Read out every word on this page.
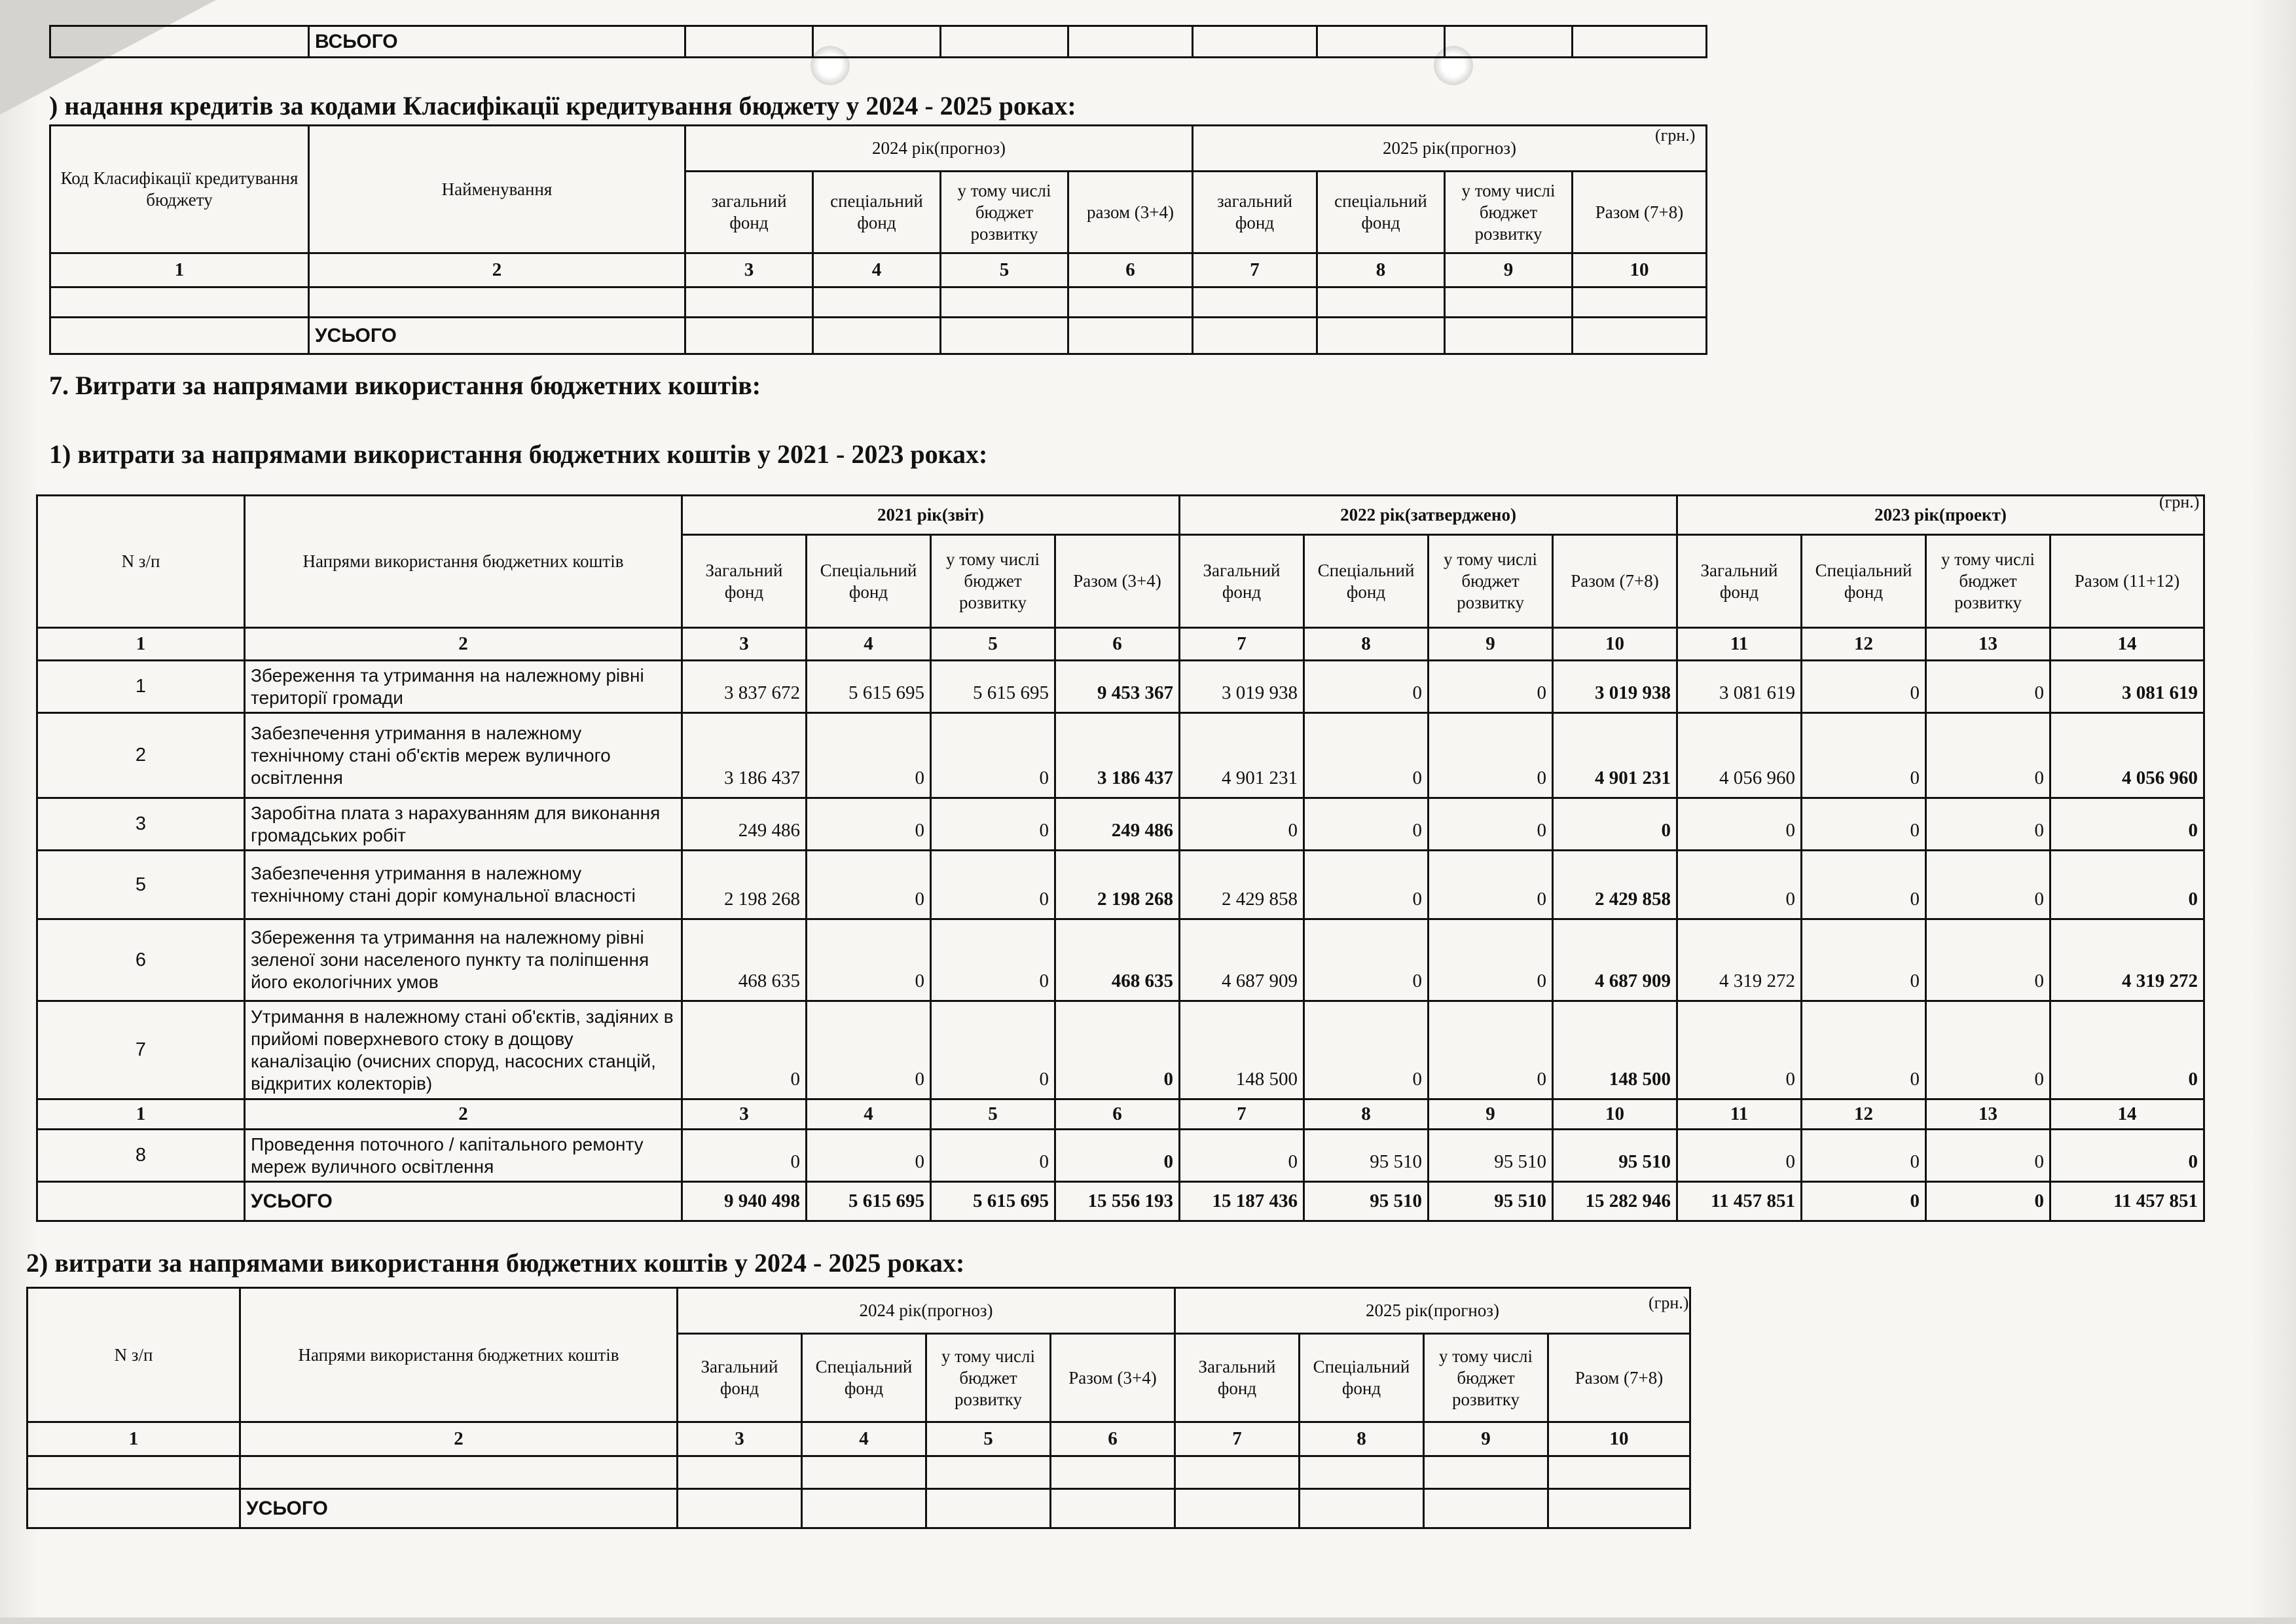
	ВСЬОГО								
) надання кредитів за кодами Класифікації кредитування бюджету у 2024 - 2025 роках:
(грн.)
Код Класифікації кредитування бюджету	Найменування	2024 рік(прогноз)				2025 рік(прогноз)			
		загальний фонд	спеціальний фонд	у тому числі бюджет розвитку	разом (3+4)	загальний фонд	спеціальний фонд	у тому числі бюджет розвитку	Разом (7+8)
1	2	3	4	5	6	7	8	9	10

	УСЬОГО								
7. Витрати за напрямами використання бюджетних коштів:
1) витрати за напрямами використання бюджетних коштів у 2021 - 2023 роках:
(грн.)
N з/п	Напрями використання бюджетних коштів	2021 рік(звіт)				2022 рік(затверджено)				2023 рік(проект)			
		Загальний фонд	Спеціальний фонд	у тому числі бюджет розвитку	Разом (3+4)	Загальний фонд	Спеціальний фонд	у тому числі бюджет розвитку	Разом (7+8)	Загальний фонд	Спеціальний фонд	у тому числі бюджет розвитку	Разом (11+12)
1	2	3	4	5	6	7	8	9	10	11	12	13	14
1	Збереження та утримання на належному рівні території громади	3 837 672	5 615 695	5 615 695	9 453 367	3 019 938	0	0	3 019 938	3 081 619	0	0	3 081 619
2	Забезпечення утримання в належному технічному стані об'єктів мереж вуличного освітлення	3 186 437	0	0	3 186 437	4 901 231	0	0	4 901 231	4 056 960	0	0	4 056 960
3	Заробітна плата з нарахуванням для виконання громадських робіт	249 486	0	0	249 486	0	0	0	0	0	0	0	0
5	Забезпечення утримання в належному технічному стані доріг комунальної власності	2 198 268	0	0	2 198 268	2 429 858	0	0	2 429 858	0	0	0	0
6	Збереження та утримання на належному рівні зеленої зони населеного пункту та поліпшення його екологічних умов	468 635	0	0	468 635	4 687 909	0	0	4 687 909	4 319 272	0	0	4 319 272
7	Утримання в належному стані об'єктів, задіяних в прийомі поверхневого стоку в дощову каналізацію (очисних споруд, насосних станцій, відкритих колекторів)	0	0	0	0	148 500	0	0	148 500	0	0	0	0
1	2	3	4	5	6	7	8	9	10	11	12	13	14
8	Проведення поточного / капітального ремонту мереж вуличного освітлення	0	0	0	0	0	95 510	95 510	95 510	0	0	0	0
	УСЬОГО	9 940 498	5 615 695	5 615 695	15 556 193	15 187 436	95 510	95 510	15 282 946	11 457 851	0	0	11 457 851
2) витрати за напрямами використання бюджетних коштів у 2024 - 2025 роках:
(грн.)
N з/п	Напрями використання бюджетних коштів	2024 рік(прогноз)				2025 рік(прогноз)			
		Загальний фонд	Спеціальний фонд	у тому числі бюджет розвитку	Разом (3+4)	Загальний фонд	Спеціальний фонд	у тому числі бюджет розвитку	Разом (7+8)
1	2	3	4	5	6	7	8	9	10

	УСЬОГО								
